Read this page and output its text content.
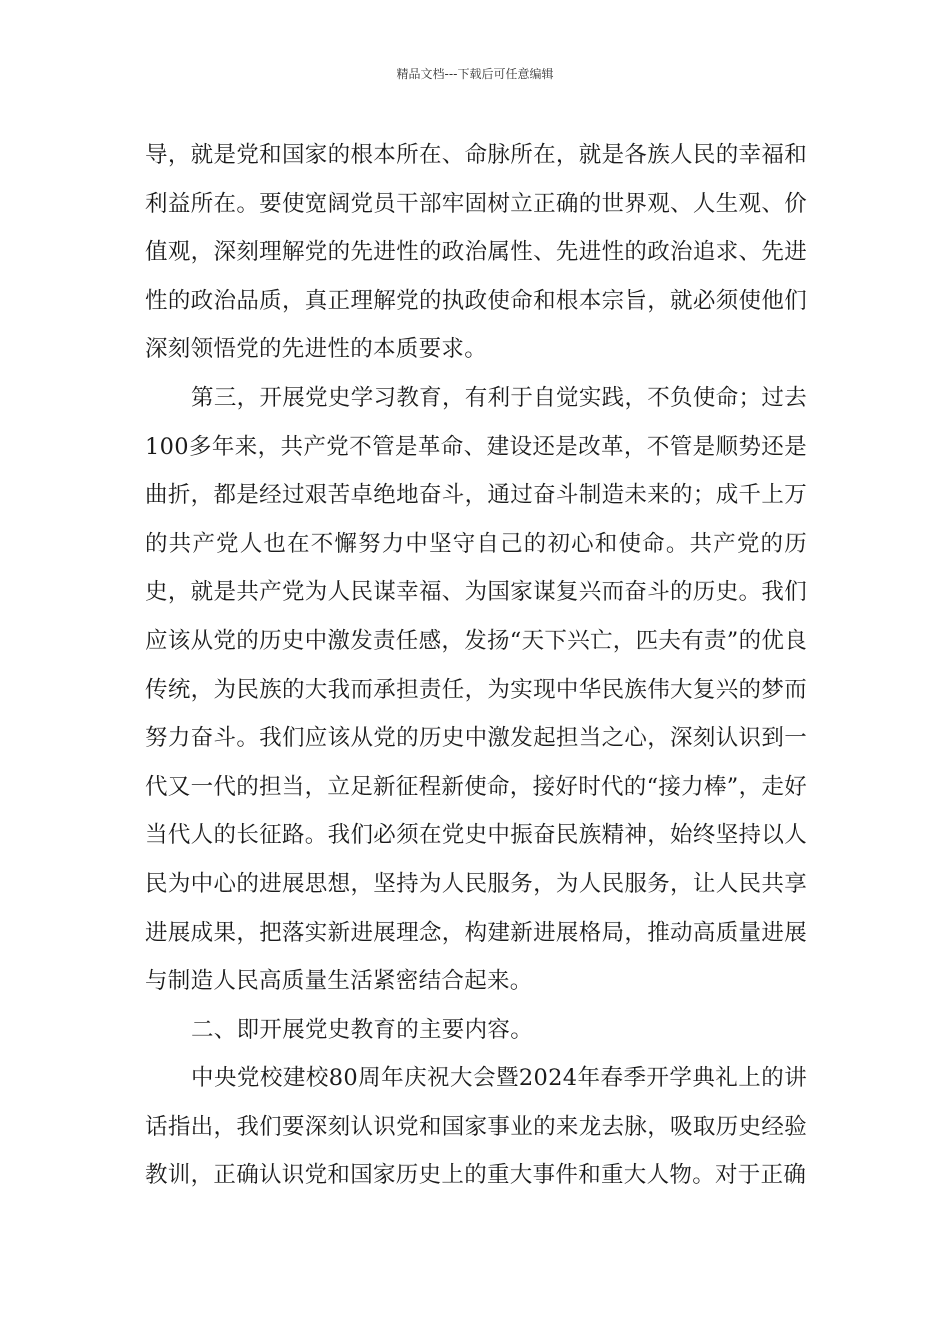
精品文档---下载后可任意编辑

导，就是党和国家的根本所在、命脉所在，就是各族人民的幸福和利益所在。要使宽阔党员干部牢固树立正确的世界观、人生观、价值观，深刻理解党的先进性的政治属性、先进性的政治追求、先进性的政治品质，真正理解党的执政使命和根本宗旨，就必须使他们深刻领悟党的先进性的本质要求。

第三，开展党史学习教育，有利于自觉实践，不负使命；过去100多年来，共产党不管是革命、建设还是改革，不管是顺势还是曲折，都是经过艰苦卓绝地奋斗，通过奋斗制造未来的；成千上万的共产党人也在不懈努力中坚守自己的初心和使命。共产党的历史，就是共产党为人民谋幸福、为国家谋复兴而奋斗的历史。我们应该从党的历史中激发责任感，发扬“天下兴亡，匹夫有责”的优良传统，为民族的大我而承担责任，为实现中华民族伟大复兴的梦而努力奋斗。我们应该从党的历史中激发起担当之心，深刻认识到一代又一代的担当，立足新征程新使命，接好时代的“接力棒”，走好当代人的长征路。我们必须在党史中振奋民族精神，始终坚持以人民为中心的进展思想，坚持为人民服务，为人民服务，让人民共享进展成果，把落实新进展理念，构建新进展格局，推动高质量进展与制造人民高质量生活紧密结合起来。

二、即开展党史教育的主要内容。

中央党校建校80周年庆祝大会暨2024年春季开学典礼上的讲话指出，我们要深刻认识党和国家事业的来龙去脉，吸取历史经验教训，正确认识党和国家历史上的重大事件和重大人物。对于正确
